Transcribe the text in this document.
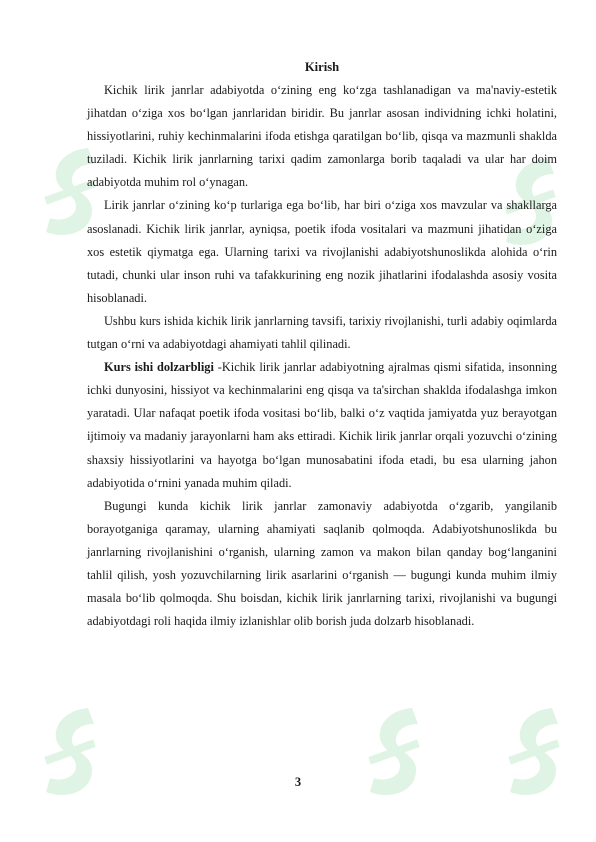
Kirish

Kichik lirik janrlar adabiyotda o‘zining eng ko‘zga tashlanadigan va ma'naviy-estetik jihatdan o‘ziga xos bo‘lgan janrlaridan biridir. Bu janrlar asosan individning ichki holatini, hissiyotlarini, ruhiy kechinmalarini ifoda etishga qaratilgan bo‘lib, qisqa va mazmunli shaklda tuziladi. Kichik lirik janrlarning tarixi qadim zamonlarga borib taqaladi va ular har doim adabiyotda muhim rol o‘ynagan.

Lirik janrlar o‘zining ko‘p turlariga ega bo‘lib, har biri o‘ziga xos mavzular va shakllarga asoslanadi. Kichik lirik janrlar, ayniqsa, poetik ifoda vositalari va mazmuni jihatidan o‘ziga xos estetik qiymatga ega. Ularning tarixi va rivojlanishi adabiyotshunoslikda alohida o‘rin tutadi, chunki ular inson ruhi va tafakkurining eng nozik jihatlarini ifodalashda asosiy vosita hisoblanadi.

Ushbu kurs ishida kichik lirik janrlarning tavsifi, tarixiy rivojlanishi, turli adabiy oqimlarda tutgan o‘rni va adabiyotdagi ahamiyati tahlil qilinadi.

Kurs ishi dolzarbligi -Kichik lirik janrlar adabiyotning ajralmas qismi sifatida, insonning ichki dunyosini, hissiyot va kechinmalarini eng qisqa va ta'sirchan shaklda ifodalashga imkon yaratadi. Ular nafaqat poetik ifoda vositasi bo‘lib, balki o‘z vaqtida jamiyatda yuz berayotgan ijtimoiy va madaniy jarayonlarni ham aks ettiradi. Kichik lirik janrlar orqali yozuvchi o‘zining shaxsiy hissiyotlarini va hayotga bo‘lgan munosabatini ifoda etadi, bu esa ularning jahon adabiyotida o‘rnini yanada muhim qiladi.

Bugungi kunda kichik lirik janrlar zamonaviy adabiyotda o‘zgarib, yangilanib borayotganiga qaramay, ularning ahamiyati saqlanib qolmoqda. Adabiyotshunoslikda bu janrlarning rivojlanishini o‘rganish, ularning zamon va makon bilan qanday bog‘langanini tahlil qilish, yosh yozuvchilarning lirik asarlarini o‘rganish — bugungi kunda muhim ilmiy masala bo‘lib qolmoqda. Shu boisdan, kichik lirik janrlarning tarixi, rivojlanishi va bugungi adabiyotdagi roli haqida ilmiy izlanishlar olib borish juda dolzarb hisoblanadi.

3
